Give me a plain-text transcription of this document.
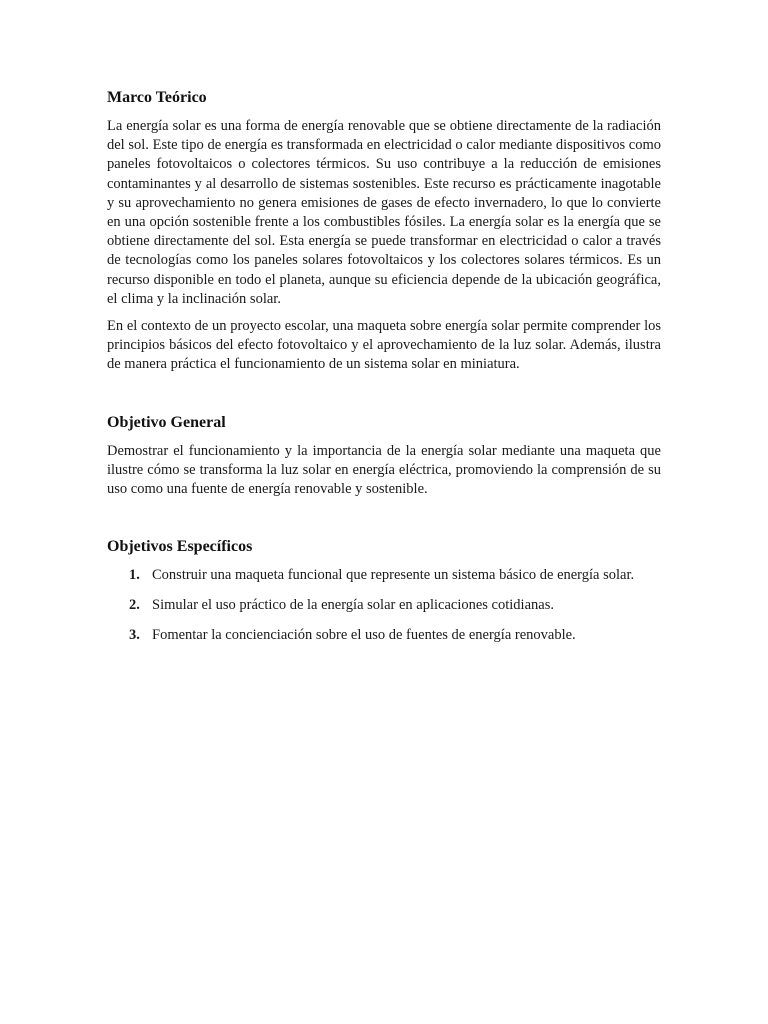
Marco Teórico

La energía solar es una forma de energía renovable que se obtiene directamente de la radiación del sol. Este tipo de energía es transformada en electricidad o calor mediante dispositivos como paneles fotovoltaicos o colectores térmicos. Su uso contribuye a la reducción de emisiones contaminantes y al desarrollo de sistemas sostenibles. Este recurso es prácticamente inagotable y su aprovechamiento no genera emisiones de gases de efecto invernadero, lo que lo convierte en una opción sostenible frente a los combustibles fósiles. La energía solar es la energía que se obtiene directamente del sol. Esta energía se puede transformar en electricidad o calor a través de tecnologías como los paneles solares fotovoltaicos y los colectores solares térmicos. Es un recurso disponible en todo el planeta, aunque su eficiencia depende de la ubicación geográfica, el clima y la inclinación solar.

En el contexto de un proyecto escolar, una maqueta sobre energía solar permite comprender los principios básicos del efecto fotovoltaico y el aprovechamiento de la luz solar. Además, ilustra de manera práctica el funcionamiento de un sistema solar en miniatura.

Objetivo General

Demostrar el funcionamiento y la importancia de la energía solar mediante una maqueta que ilustre cómo se transforma la luz solar en energía eléctrica, promoviendo la comprensión de su uso como una fuente de energía renovable y sostenible.

Objetivos Específicos
1. Construir una maqueta funcional que represente un sistema básico de energía solar.
2. Simular el uso práctico de la energía solar en aplicaciones cotidianas.
3. Fomentar la concienciación sobre el uso de fuentes de energía renovable.
